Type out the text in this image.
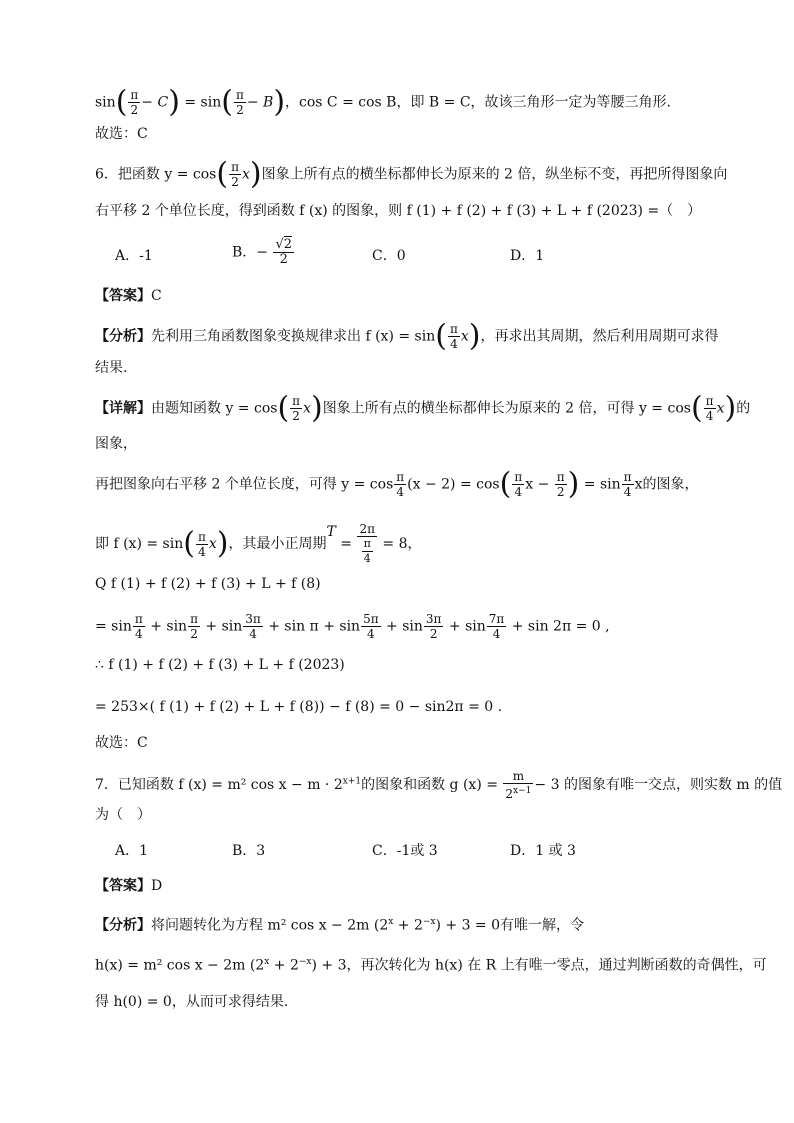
$\sin( \frac{\pi}{2} - C) = \sin( \frac{\pi}{2} - B)$，cos C = cos B，即 B = C，故该三角形一定为等腰三角形.
故选：C
6．把函数 $y = \cos( \frac{\pi}{2} x)$图象上所有点的横坐标都伸长为原来的 2 倍，纵坐标不变，再把所得图象向
右平移 2 个单位长度，得到函数 f (x) 的图象，则 f (1) + f (2) + f (3) + L + f (2023) =（　）
A．-1	B．− $\frac{√2}{2}$	C．0	D．1
【答案】C
【分析】先利用三角函数图象变换规律求出 f $(x) = \sin( \frac{\pi}{4} x)$，再求出其周期，然后利用周期可求得
结果.
【详解】由题知函数 $y = \cos( \frac{\pi}{2} x)$图象上所有点的横坐标都伸长为原来的 2 倍，可得 $y = \cos( \frac{\pi}{4} x)$的
图象，
再把图象向右平移 2 个单位长度，可得 $y = \cos \frac{\pi}{4} (x - 2) = \cos( \frac{\pi}{4}$ $x - \frac{\pi}{2}$ ) = $\sin \frac{\pi}{4}$ x的图象，
即 f $(x) = \sin( \frac{\pi}{4} x)$，其最小正周期$T = \frac{2\pi}{\frac{\pi}{4}} = 8$，
Q f (1) + f (2) + f (3) + L + f (8)
= $\sin \frac{\pi}{4} + \sin \frac{\pi}{2} + \sin \frac{3\pi}{4} + \sin \pi + \sin \frac{5\pi}{4} + \sin \frac{3\pi}{2} + \sin \frac{7\pi}{4} + \sin 2\pi = 0$ ,
∴ f (1) + f (2) + f (3) + L + f (2023)
= 253×( f (1) + f (2) + L + f (8)) − f (8) = 0 − sin2π = 0 .
故选：C
7．已知函数 f (x) = m² $\cos x - m \cdot 2^{x+1}$的图象和函数 g $(x) = \frac{m}{2^{x-1}} - 3$ 的图象有唯一交点，则实数 m 的值
为（　）
A．1	B．3	C．-1或 3	D．1 或 3
【答案】D
【分析】将问题转化为方程 m² cos x − 2m $(2^x + 2^{-x}) + 3 = 0$有唯一解，令
h(x) = m² cos x − 2m $(2^x + 2^{-x}) + 3$，再次转化为 h(x) 在 R 上有唯一零点，通过判断函数的奇偶性，可
得 h(0) = 0，从而可求得结果.
